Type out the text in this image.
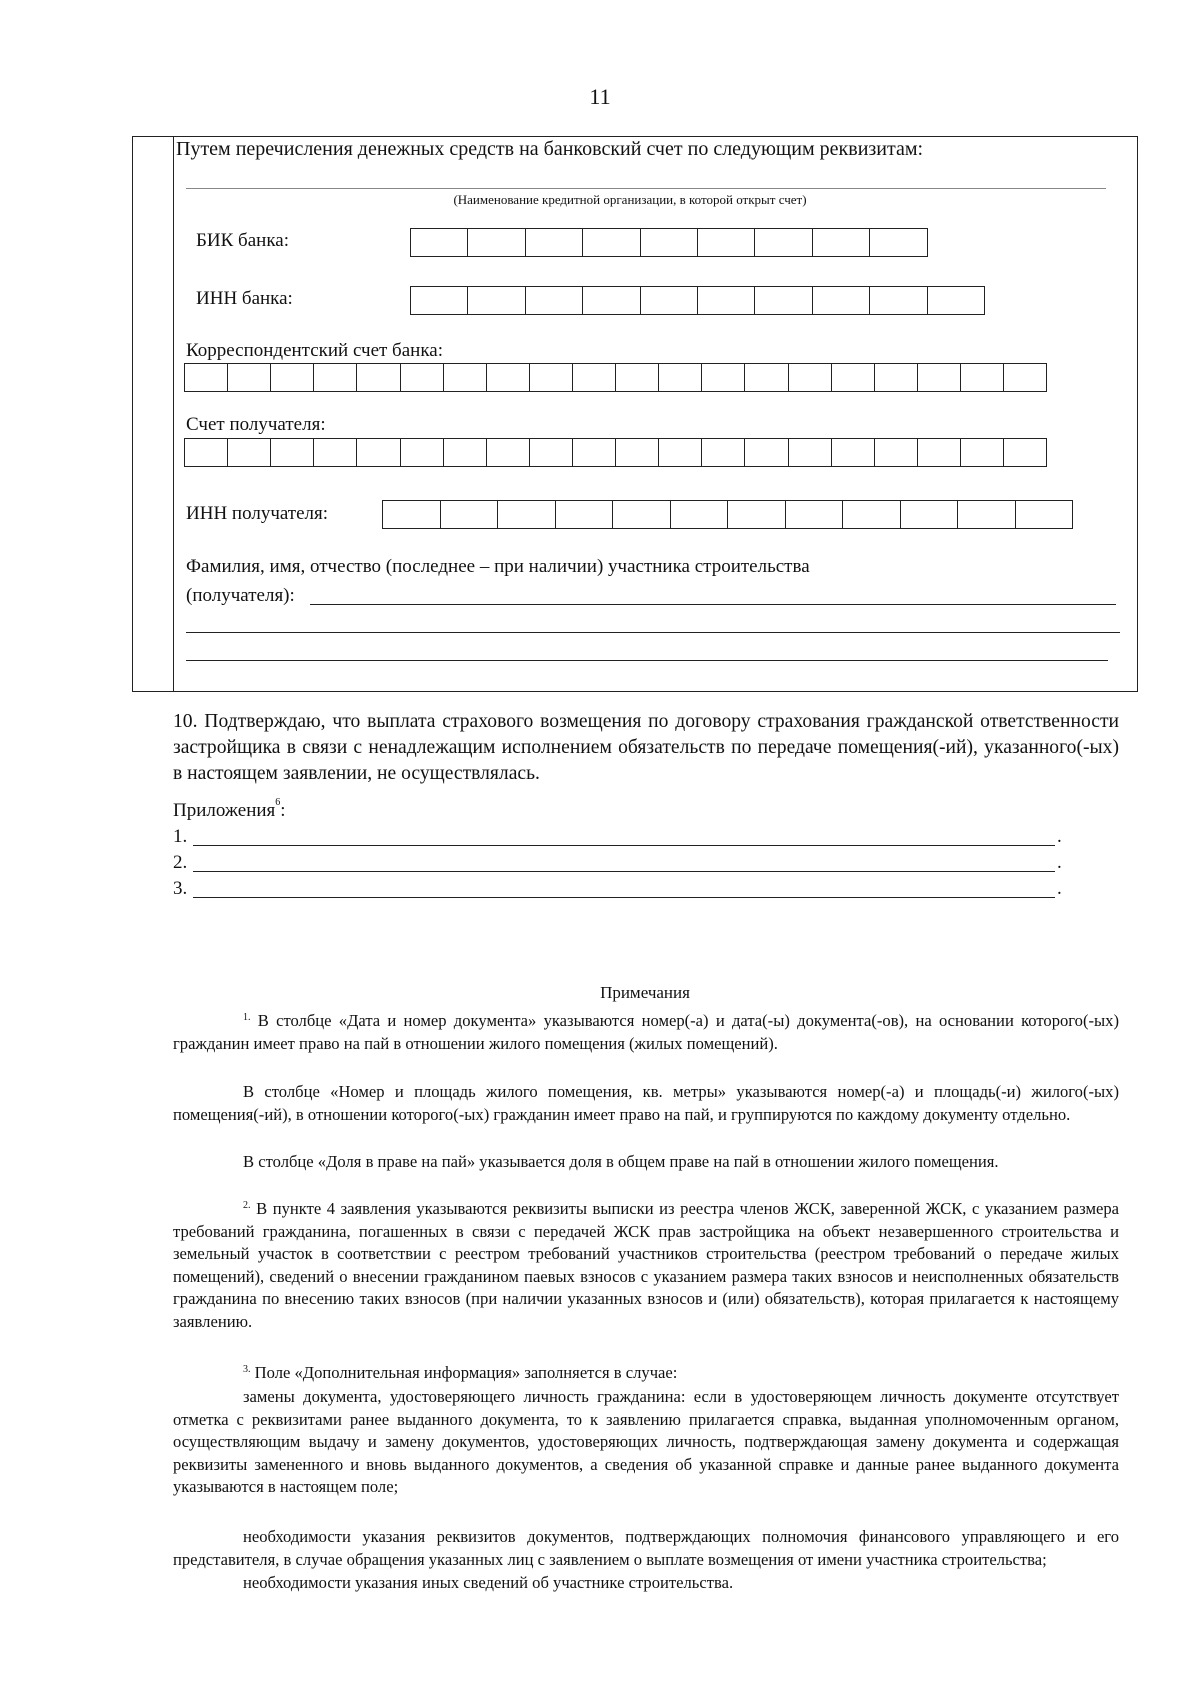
11
Путем перечисления денежных средств на банковский счет по следующим реквизитам:
(Наименование кредитной организации, в которой открыт счет)
БИК банка:
ИНН банка:
Корреспондентский счет банка:
Счет получателя:
ИНН получателя:
Фамилия, имя, отчество (последнее – при наличии) участника строительства
(получателя):
10. Подтверждаю, что выплата страхового возмещения по договору страхования гражданской ответственности застройщика в связи с ненадлежащим исполнением обязательств по передаче помещения(-ий), указанного(-ых) в настоящем заявлении, не осуществлялась.
Приложения$^6$:
1.	.
2.	.
3.	.
Примечания
$^{1.}$ В столбце «Дата и номер документа» указываются номер(-а) и дата(-ы) документа(-ов), на основании которого(-ых) гражданин имеет право на пай в отношении жилого помещения (жилых помещений).
В столбце «Номер и площадь жилого помещения, кв. метры» указываются номер(-а) и площадь(-и) жилого(-ых) помещения(-ий), в отношении которого(-ых) гражданин имеет право на пай, и группируются по каждому документу отдельно.
В столбце «Доля в праве на пай» указывается доля в общем праве на пай в отношении жилого помещения.
$^{2.}$ В пункте 4 заявления указываются реквизиты выписки из реестра членов ЖСК, заверенной ЖСК, с указанием размера требований гражданина, погашенных в связи с передачей ЖСК прав застройщика на объект незавершенного строительства и земельный участок в соответствии с реестром требований участников строительства (реестром требований о передаче жилых помещений), сведений о внесении гражданином паевых взносов с указанием размера таких взносов и неисполненных обязательств гражданина по внесению таких взносов (при наличии указанных взносов и (или) обязательств), которая прилагается к настоящему заявлению.
$^{3.}$ Поле «Дополнительная информация» заполняется в случае:
замены документа, удостоверяющего личность гражданина: если в удостоверяющем личность документе отсутствует отметка с реквизитами ранее выданного документа, то к заявлению прилагается справка, выданная уполномоченным органом, осуществляющим выдачу и замену документов, удостоверяющих личность, подтверждающая замену документа и содержащая реквизиты замененного и вновь выданного документов, а сведения об указанной справке и данные ранее выданного документа указываются в настоящем поле;
необходимости указания реквизитов документов, подтверждающих полномочия финансового управляющего и его представителя, в случае обращения указанных лиц с заявлением о выплате возмещения от имени участника строительства;
необходимости указания иных сведений об участнике строительства.
